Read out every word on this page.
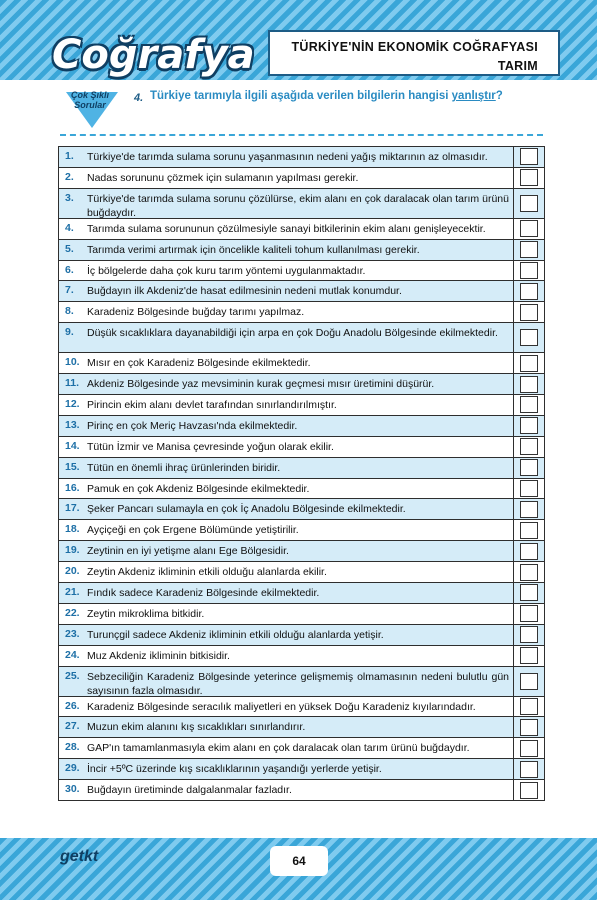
Coğrafya	TÜRKİYE'NİN EKONOMİK COĞRAFYASI
TARIM
Çok Şıklı Sorular
4. Türkiye tarımıyla ilgili aşağıda verilen bilgilerin hangisi yanlıştır?
1.	Türkiye'de tarımda sulama sorunu yaşanmasının nedeni yağış miktarının az olmasıdır.
2.	Nadas sorununu çözmek için sulamanın yapılması gerekir.
3.	Türkiye'de tarımda sulama sorunu çözülürse, ekim alanı en çok daralacak olan tarım ürünü buğdaydır.
4.	Tarımda sulama sorununun çözülmesiyle sanayi bitkilerinin ekim alanı genişleyecektir.
5.	Tarımda verimi artırmak için öncelikle kaliteli tohum kullanılması gerekir.
6.	İç bölgelerde daha çok kuru tarım yöntemi uygulanmaktadır.
7.	Buğdayın ilk Akdeniz'de hasat edilmesinin nedeni mutlak konumdur.
8.	Karadeniz Bölgesinde buğday tarımı yapılmaz.
9.	Düşük sıcaklıklara dayanabildiği için arpa en çok Doğu Anadolu Bölgesinde ekilmektedir.
10. Mısır en çok Karadeniz Bölgesinde ekilmektedir.
11. Akdeniz Bölgesinde yaz mevsiminin kurak geçmesi mısır üretimini düşürür.
12. Pirincin ekim alanı devlet tarafından sınırlandırılmıştır.
13. Pirinç en çok Meriç Havzası'nda ekilmektedir.
14. Tütün İzmir ve Manisa çevresinde yoğun olarak ekilir.
15. Tütün en önemli ihraç ürünlerinden biridir.
16. Pamuk en çok Akdeniz Bölgesinde ekilmektedir.
17. Şeker Pancarı sulamayla en çok İç Anadolu Bölgesinde ekilmektedir.
18. Ayçiçeği en çok Ergene Bölümünde yetiştirilir.
19. Zeytinin en iyi yetişme alanı Ege Bölgesidir.
20. Zeytin Akdeniz ikliminin etkili olduğu alanlarda ekilir.
21. Fındık sadece Karadeniz Bölgesinde ekilmektedir.
22. Zeytin mikroklima bitkidir.
23. Turunçgil sadece Akdeniz ikliminin etkili olduğu alanlarda yetişir.
24. Muz Akdeniz ikliminin bitkisidir.
25. Sebzeciliğin Karadeniz Bölgesinde yeterince gelişmemiş olmamasının nedeni bulutlu gün sayısının fazla olmasıdır.
26. Karadeniz Bölgesinde seracılık maliyetleri en yüksek Doğu Karadeniz kıyılarındadır.
27. Muzun ekim alanını kış sıcaklıkları sınırlandırır.
28. GAP'ın tamamlanmasıyla ekim alanı en çok daralacak olan tarım ürünü buğdaydır.
29. İncir +5ºC üzerinde kış sıcaklıklarının yaşandığı yerlerde yetişir.
30. Buğdayın üretiminde dalgalanmalar fazladır.
getkt	64
